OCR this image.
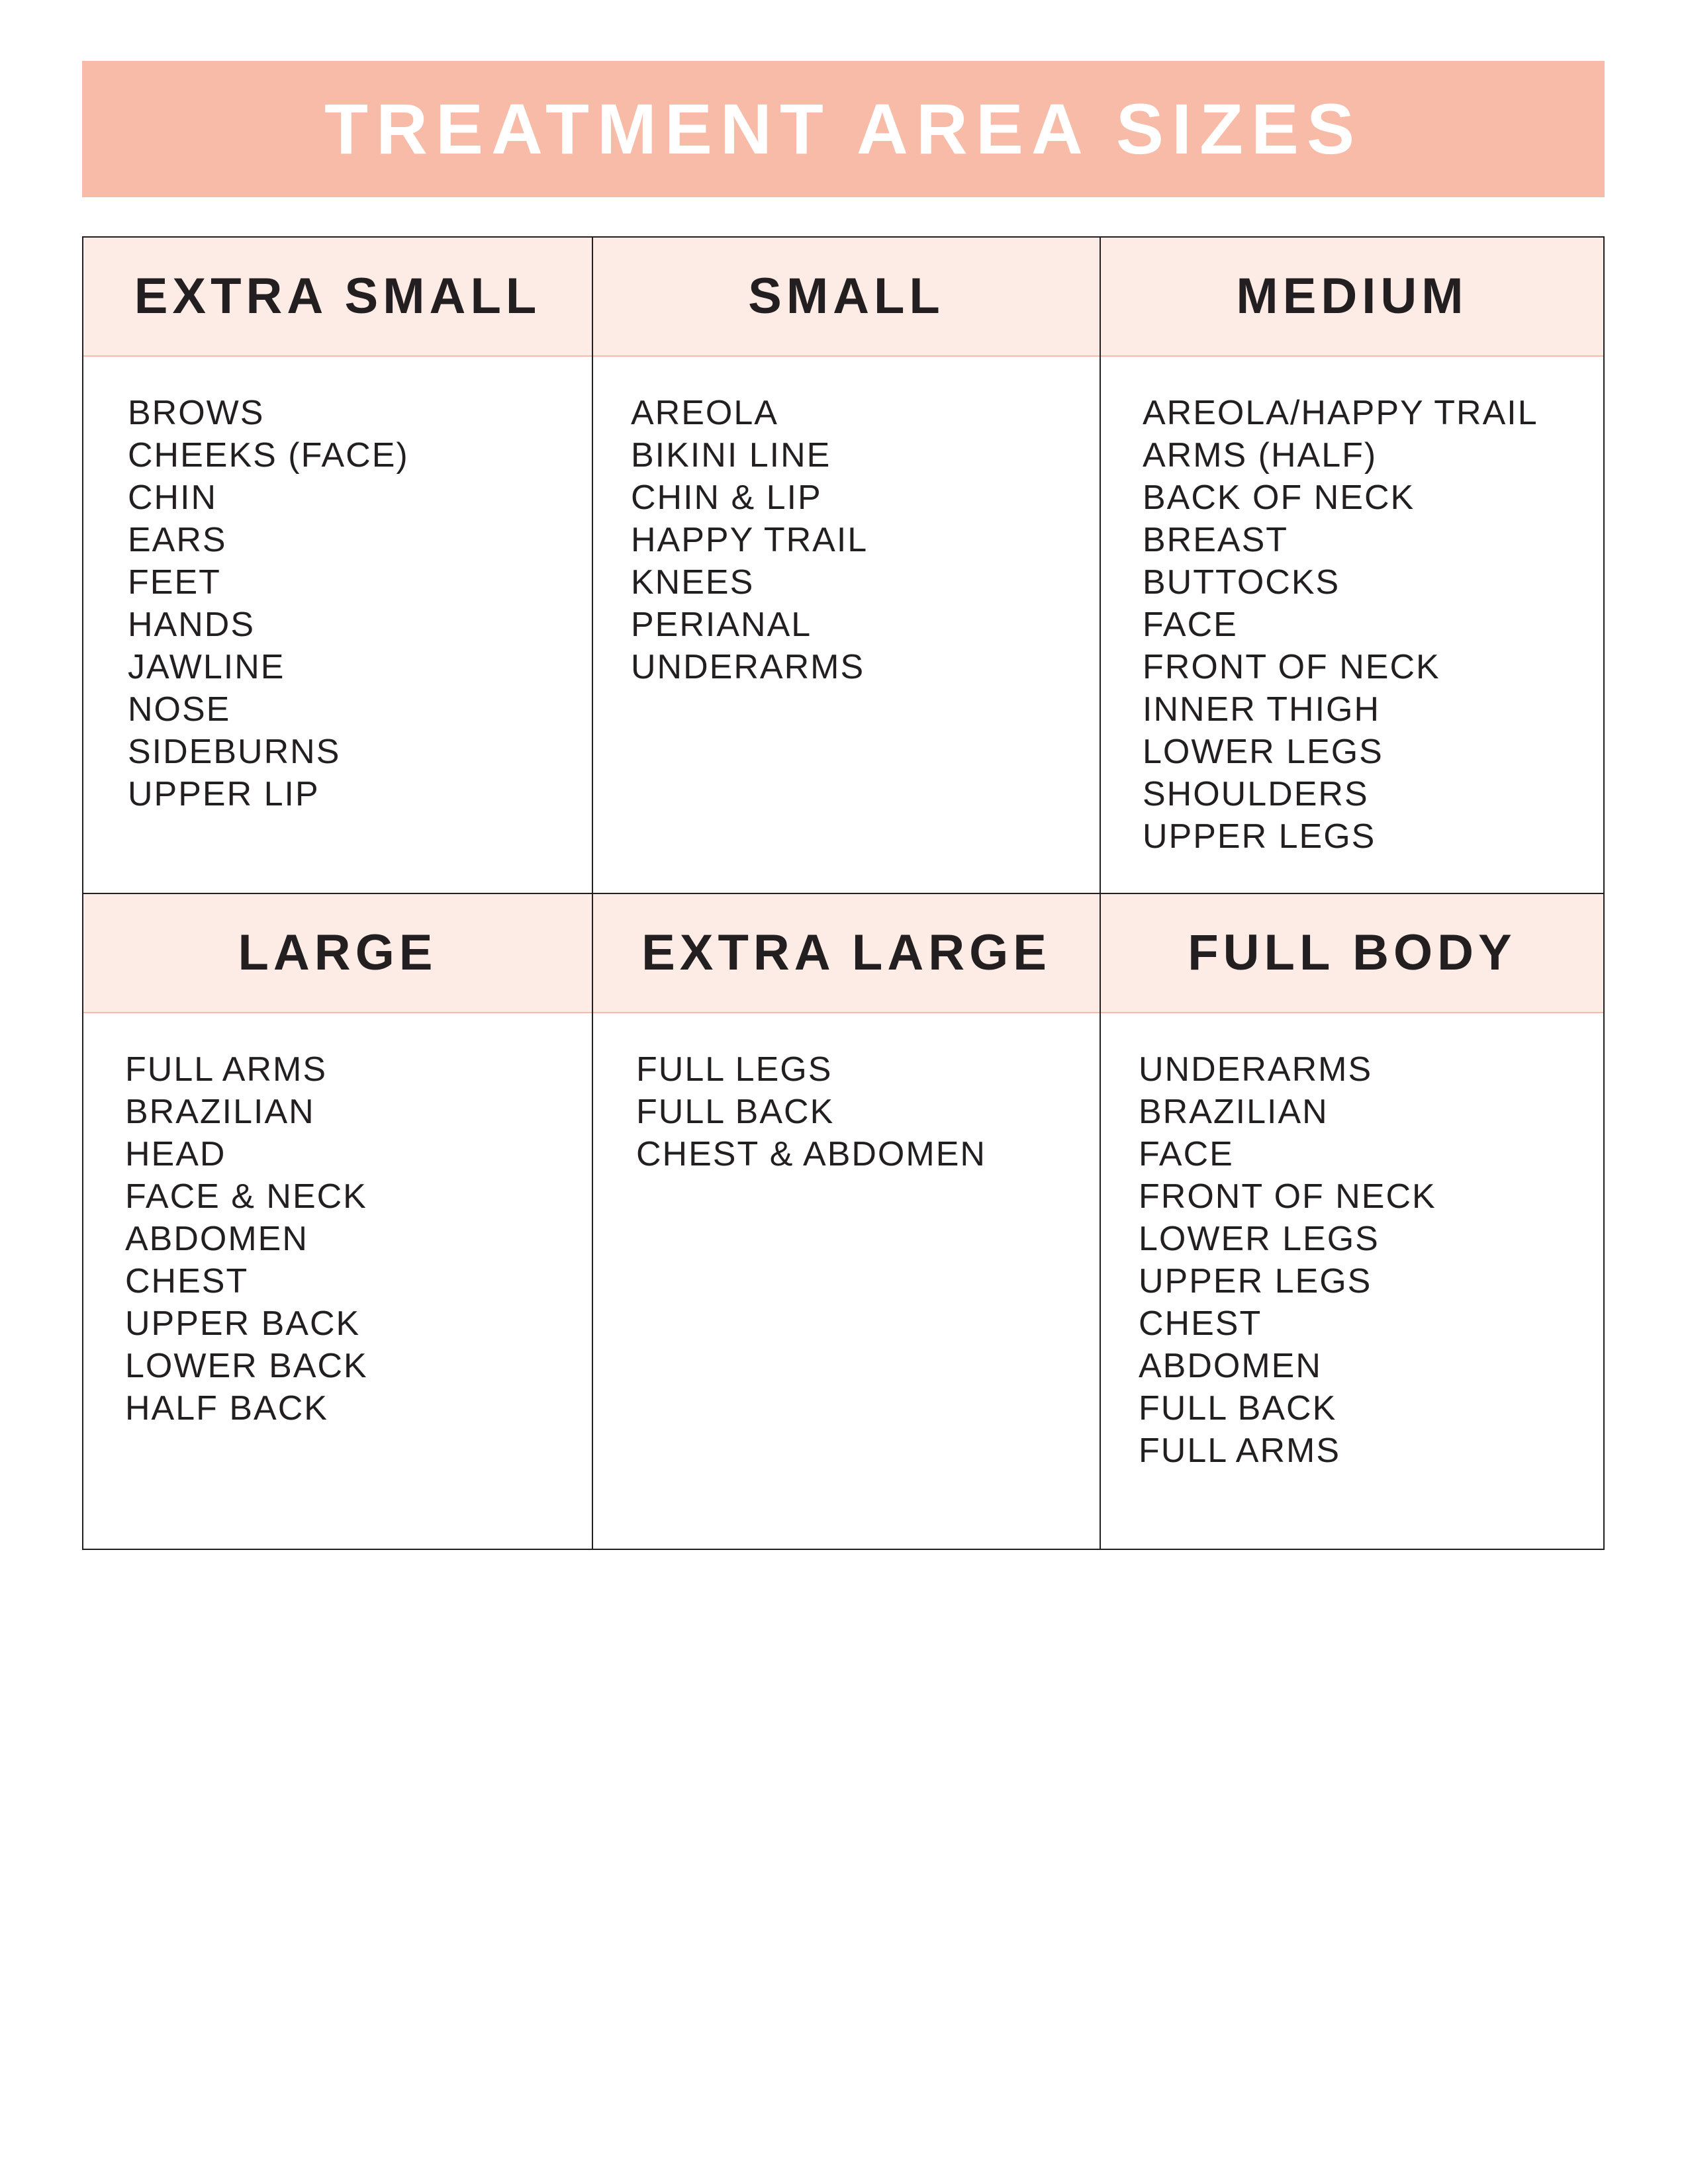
TREATMENT AREA SIZES
EXTRA SMALL
BROWS
CHEEKS (FACE)
CHIN
EARS
FEET
HANDS
JAWLINE
NOSE
SIDEBURNS
UPPER LIP
SMALL
AREOLA
BIKINI LINE
CHIN & LIP
HAPPY TRAIL
KNEES
PERIANAL
UNDERARMS
MEDIUM
AREOLA/HAPPY TRAIL
ARMS (HALF)
BACK OF NECK
BREAST
BUTTOCKS
FACE
FRONT OF NECK
INNER THIGH
LOWER LEGS
SHOULDERS
UPPER LEGS
LARGE
FULL ARMS
BRAZILIAN
HEAD
FACE & NECK
ABDOMEN
CHEST
UPPER BACK
LOWER BACK
HALF BACK
EXTRA LARGE
FULL LEGS
FULL BACK
CHEST & ABDOMEN
FULL BODY
UNDERARMS
BRAZILIAN
FACE
FRONT OF NECK
LOWER LEGS
UPPER LEGS
CHEST
ABDOMEN
FULL BACK
FULL ARMS
